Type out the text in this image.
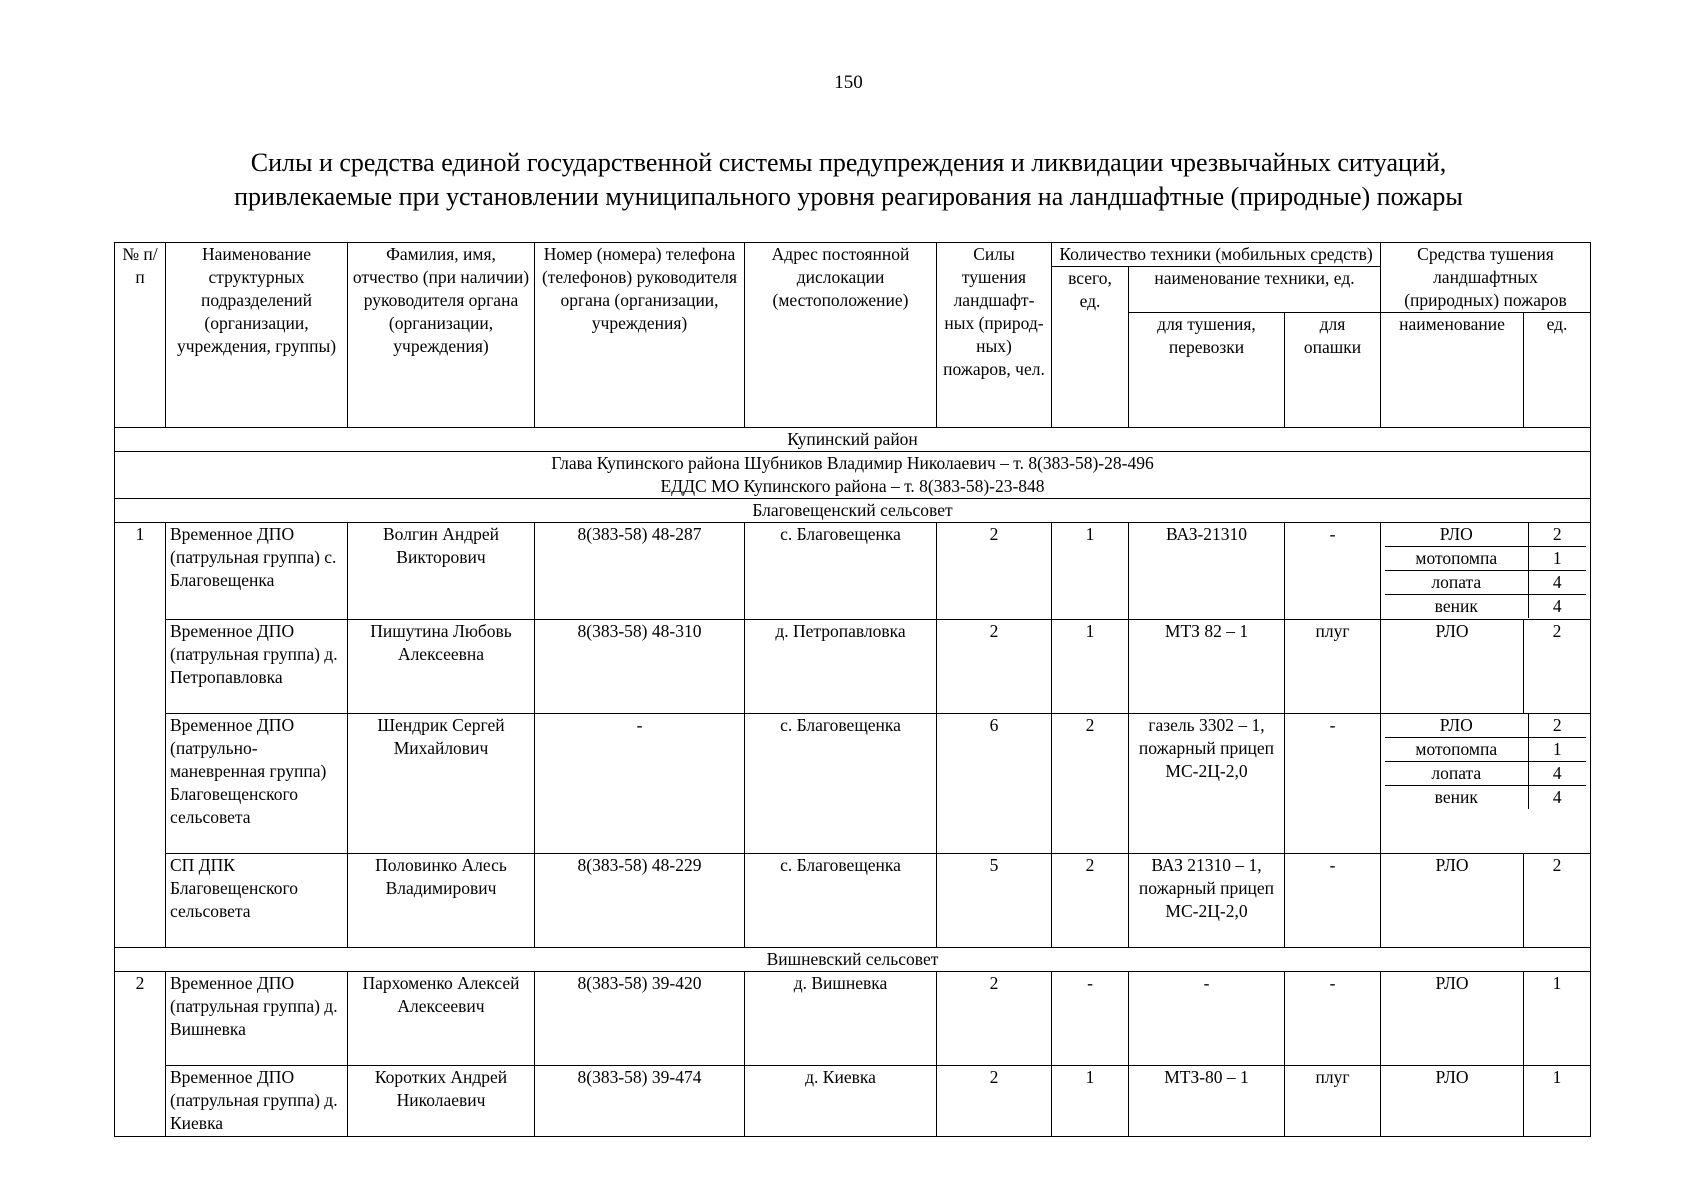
150
Силы и средства единой государственной системы предупреждения и ликвидации чрезвычайных ситуаций,
привлекаемые при установлении муниципального уровня реагирования на ландшафтные (природные) пожары
№ п/п	Наименование структурных подразделений (организации, учреждения, группы)	Фамилия, имя, отчество (при наличии) руководителя органа (организации, учреждения)	Номер (номера) телефона (телефонов) руководителя органа (организации, учреждения)	Адрес постоянной дислокации (местоположение)	Силы тушения ландшафт-ных (природ-ных) пожаров, чел.	Количество техники (мобильных средств)	Средства тушения ландшафтных (природных) пожаров
всего, ед.	наименование техники, ед.
для тушения, перевозки	для опашки	наименование	ед.
Купинский район

Глава Купинского района Шубников Владимир Николаевич – т. 8(383-58)-28-496
ЕДДС МО Купинского района – т. 8(383-58)-23-848

Благовещенский сельсовет
1	Временное ДПО (патрульная группа) с. Благовещенка	Волгин Андрей Викторович	8(383-58) 48-287	с. Благовещенка	2	1	ВАЗ-21310	-		РЛО	2
мотопомпа	1
лопата	4
веник	4

Временное ДПО (патрульная группа) д. Петропавловка	Пишутина Любовь Алексеевна	8(383-58) 48-310	д. Петропавловка	2	1	МТЗ 82 – 1	плуг	РЛО	2
Временное ДПО (патрульно-маневренная группа) Благовещенского сельсовета	Шендрик Сергей Михайлович	-	с. Благовещенка	6	2	газель 3302 – 1, пожарный прицеп МС-2Ц-2,0	-		РЛО	2
мотопомпа	1
лопата	4
веник	4

СП ДПК Благовещенского сельсовета	Половинко Алесь Владимирович	8(383-58) 48-229	с. Благовещенка	5	2	ВАЗ 21310 – 1, пожарный прицеп МС-2Ц-2,0	-	РЛО	2
Вишневский сельсовет
2	Временное ДПО (патрульная группа) д. Вишневка	Пархоменко Алексей Алексеевич	8(383-58) 39-420	д. Вишневка	2	-	-	-	РЛО	1
Временное ДПО (патрульная группа) д. Киевка	Коротких Андрей Николаевич	8(383-58) 39-474	д. Киевка	2	1	МТЗ-80 – 1	плуг	РЛО	1
